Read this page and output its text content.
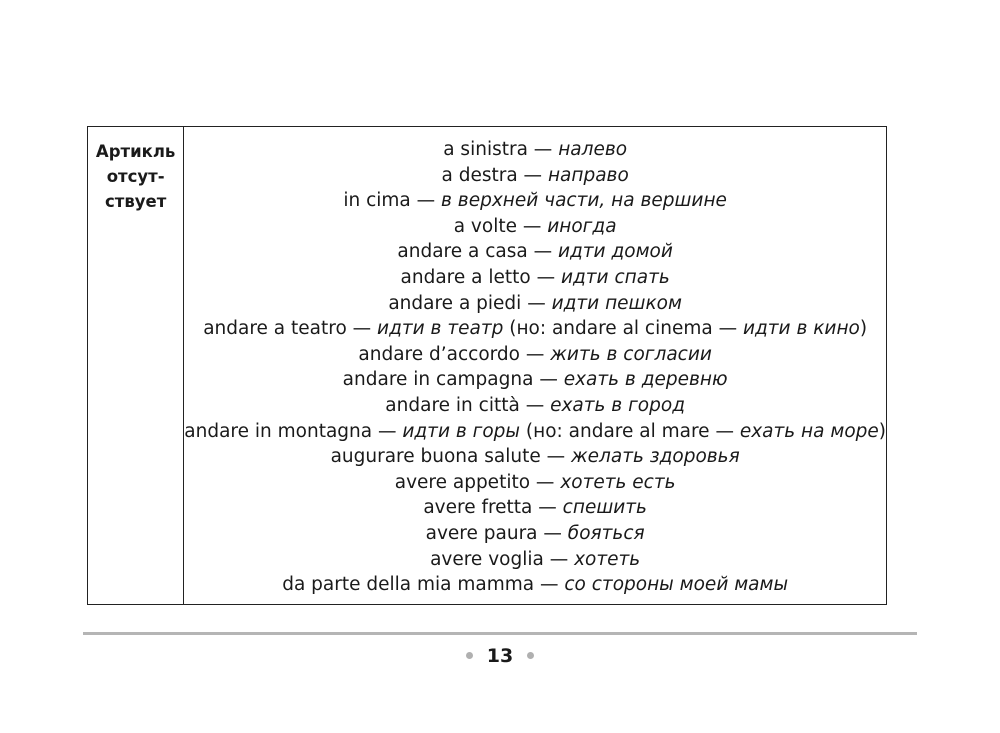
Артикль
отсут-
ствует
a sinistra — налево
a destra — направо
in cima — в верхней части, на вершине
a volte — иногда
andare a casa — идти домой
andare a letto — идти спать
andare a piedi — идти пешком
andare a teatro — идти в театр (но: andare al cinema — идти в кино)
andare d’accordo — жить в согласии
andare in campagna — ехать в деревню
andare in città — ехать в город
andare in montagna — идти в горы (но: andare al mare — ехать на море)
augurare buona salute — желать здоровья
avere appetito — хотеть есть
avere fretta — спешить
avere paura — бояться
avere voglia — хотеть
da parte della mia mamma — со стороны моей мамы
13
